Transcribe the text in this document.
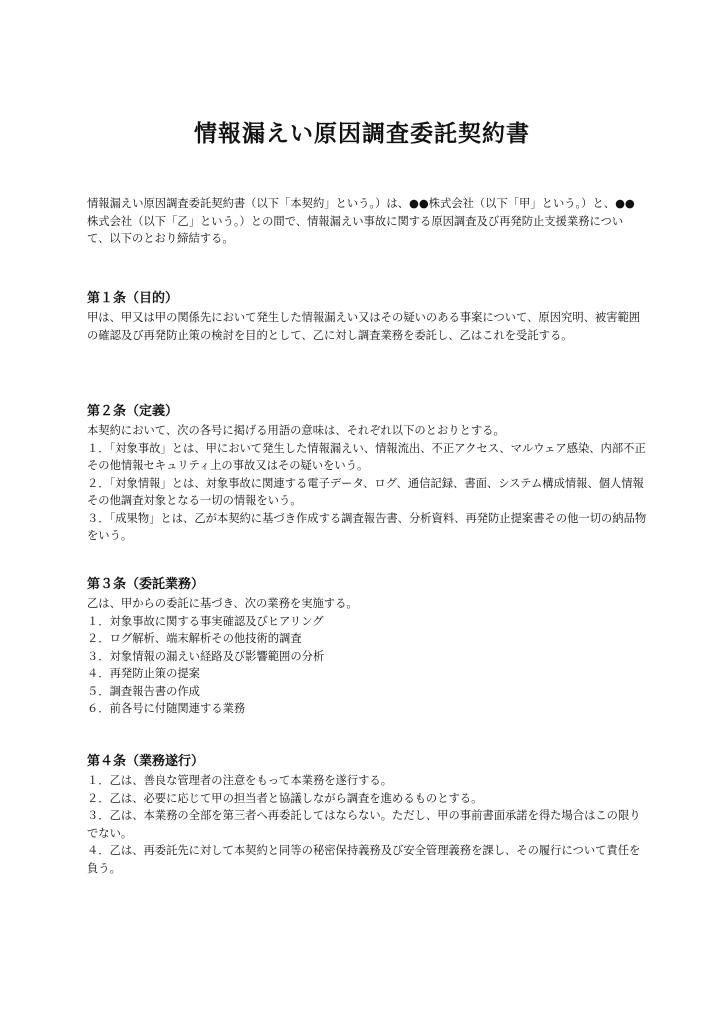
情報漏えい原因調査委託契約書

情報漏えい原因調査委託契約書（以下「本契約」という。）は、●●株式会社（以下「甲」という。）と、●●株式会社（以下「乙」という。）との間で、情報漏えい事故に関する原因調査及び再発防止支援業務について、以下のとおり締結する。

第１条（目的）

甲は、甲又は甲の関係先において発生した情報漏えい又はその疑いのある事案について、原因究明、被害範囲の確認及び再発防止策の検討を目的として、乙に対し調査業務を委託し、乙はこれを受託する。

第２条（定義）

本契約において、次の各号に掲げる用語の意味は、それぞれ以下のとおりとする。

１．「対象事故」とは、甲において発生した情報漏えい、情報流出、不正アクセス、マルウェア感染、内部不正その他情報セキュリティ上の事故又はその疑いをいう。
２．「対象情報」とは、対象事故に関連する電子データ、ログ、通信記録、書面、システム構成情報、個人情報その他調査対象となる一切の情報をいう。
３．「成果物」とは、乙が本契約に基づき作成する調査報告書、分析資料、再発防止提案書その他一切の納品物をいう。
第３条（委託業務）

乙は、甲からの委託に基づき、次の業務を実施する。

１．対象事故に関する事実確認及びヒアリング
２．ログ解析、端末解析その他技術的調査
３．対象情報の漏えい経路及び影響範囲の分析
４．再発防止策の提案
５．調査報告書の作成
６．前各号に付随関連する業務
第４条（業務遂行）
１．乙は、善良な管理者の注意をもって本業務を遂行する。
２．乙は、必要に応じて甲の担当者と協議しながら調査を進めるものとする。
３．乙は、本業務の全部を第三者へ再委託してはならない。ただし、甲の事前書面承諾を得た場合はこの限りでない。
４．乙は、再委託先に対して本契約と同等の秘密保持義務及び安全管理義務を課し、その履行について責任を負う。
